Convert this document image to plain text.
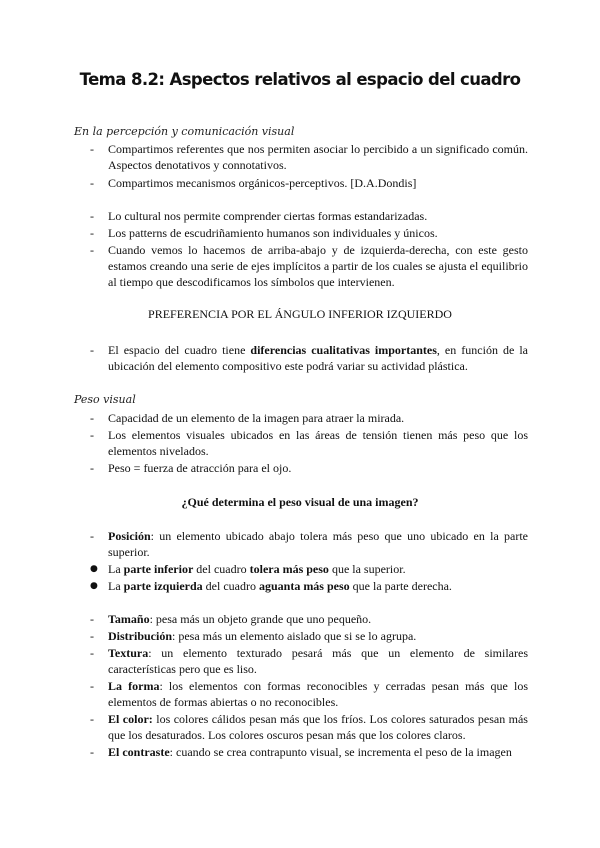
Tema 8.2: Aspectos relativos al espacio del cuadro
En la percepción y comunicación visual
-	Compartimos referentes que nos permiten asociar lo percibido a un significado común. Aspectos denotativos y connotativos.
-	Compartimos mecanismos orgánicos-perceptivos. [D.A.Dondis]
-	Lo cultural nos permite comprender ciertas formas estandarizadas.
-	Los patterns de escudriñamiento humanos son individuales y únicos.
-	Cuando vemos lo hacemos de arriba-abajo y de izquierda-derecha, con este gesto estamos creando una serie de ejes implícitos a partir de los cuales se ajusta el equilibrio al tiempo que descodificamos los símbolos que intervienen.
PREFERENCIA POR EL ÁNGULO INFERIOR IZQUIERDO
-	El espacio del cuadro tiene diferencias cualitativas importantes, en función de la ubicación del elemento compositivo este podrá variar su actividad plástica.
Peso visual
-	Capacidad de un elemento de la imagen para atraer la mirada.
-	Los elementos visuales ubicados en las áreas de tensión tienen más peso que los elementos nivelados.
-	Peso = fuerza de atracción para el ojo.
¿Qué determina el peso visual de una imagen?
-	Posición: un elemento ubicado abajo tolera más peso que uno ubicado en la parte superior.
● La parte inferior del cuadro tolera más peso que la superior.
● La parte izquierda del cuadro aguanta más peso que la parte derecha.
-	Tamaño: pesa más un objeto grande que uno pequeño.
-	Distribución: pesa más un elemento aislado que si se lo agrupa.
-	Textura: un elemento texturado pesará más que un elemento de similares características pero que es liso.
-	La forma: los elementos con formas reconocibles y cerradas pesan más que los elementos de formas abiertas o no reconocibles.
-	El color: los colores cálidos pesan más que los fríos. Los colores saturados pesan más que los desaturados. Los colores oscuros pesan más que los colores claros.
-	El contraste: cuando se crea contrapunto visual, se incrementa el peso de la imagen
